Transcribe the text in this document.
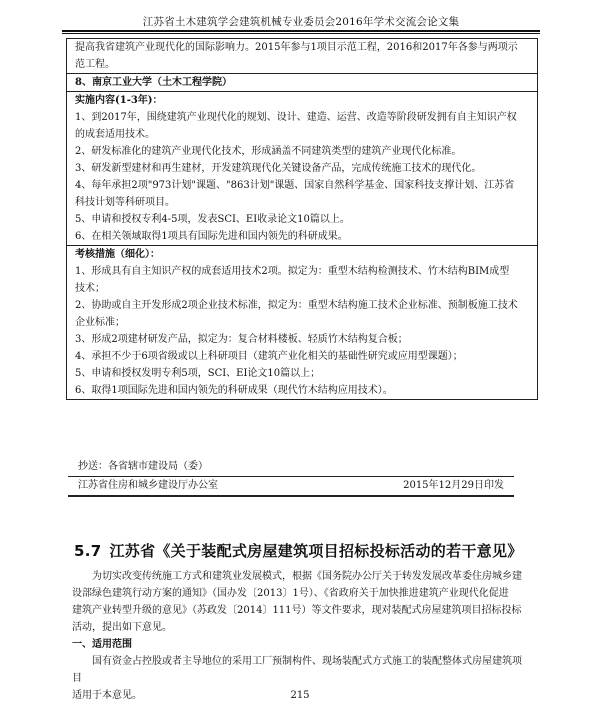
江苏省土木建筑学会建筑机械专业委员会2016年学术交流会论文集

提高我省建筑产业现代化的国际影响力。2015年参与1项目示范工程，2016和2017年各参与两项示

范工程。

8、南京工业大学（土木工程学院）

实施内容(1-3年)：

1、到2017年，围绕建筑产业现代化的规划、设计、建造、运营、改造等阶段研发拥有自主知识产权

的成套适用技术。

2、研发标准化的建筑产业现代化技术，形成涵盖不同建筑类型的建筑产业现代化标准。

3、研发新型建材和再生建材，开发建筑现代化关键设备产品，完成传统施工技术的现代化。

4、每年承担2项"973计划"课题、"863计划"课题、国家自然科学基金、国家科技支撑计划、江苏省

科技计划等科研项目。

5、申请和授权专利4-5项，发表SCI、EI收录论文10篇以上。

6、在相关领域取得1项具有国际先进和国内领先的科研成果。

考核措施（细化）：

1、形成具有自主知识产权的成套适用技术2项。拟定为：重型木结构检测技术、竹木结构BIM成型

技术；

2、协助或自主开发形成2项企业技术标准，拟定为：重型木结构施工技术企业标准、预制板施工技术

企业标准；

3、形成2项建材研发产品，拟定为：复合材料楼板、轻质竹木结构复合板；

4、承担不少于6项省级或以上科研项目（建筑产业化相关的基础性研究或应用型课题）；

5、申请和授权发明专利5项，SCI、EI论文10篇以上；

6、取得1项国际先进和国内领先的科研成果（现代竹木结构应用技术）。

抄送：各省辖市建设局（委）
江苏省住房和城乡建设厅办公室	2015年12月29日印发
5.7 江苏省《关于装配式房屋建筑项目招标投标活动的若干意见》

为切实改变传统施工方式和建筑业发展模式，根据《国务院办公厅关于转发发展改革委住房城乡建

设部绿色建筑行动方案的通知》（国办发〔2013〕1号）、《省政府关于加快推进建筑产业现代化促进

建筑产业转型升级的意见》（苏政发〔2014〕111号）等文件要求，现对装配式房屋建筑项目招标投标

活动，提出如下意见。

一、适用范围

国有资金占控股或者主导地位的采用工厂预制构件、现场装配式方式施工的装配整体式房屋建筑项目

适用于本意见。	215
